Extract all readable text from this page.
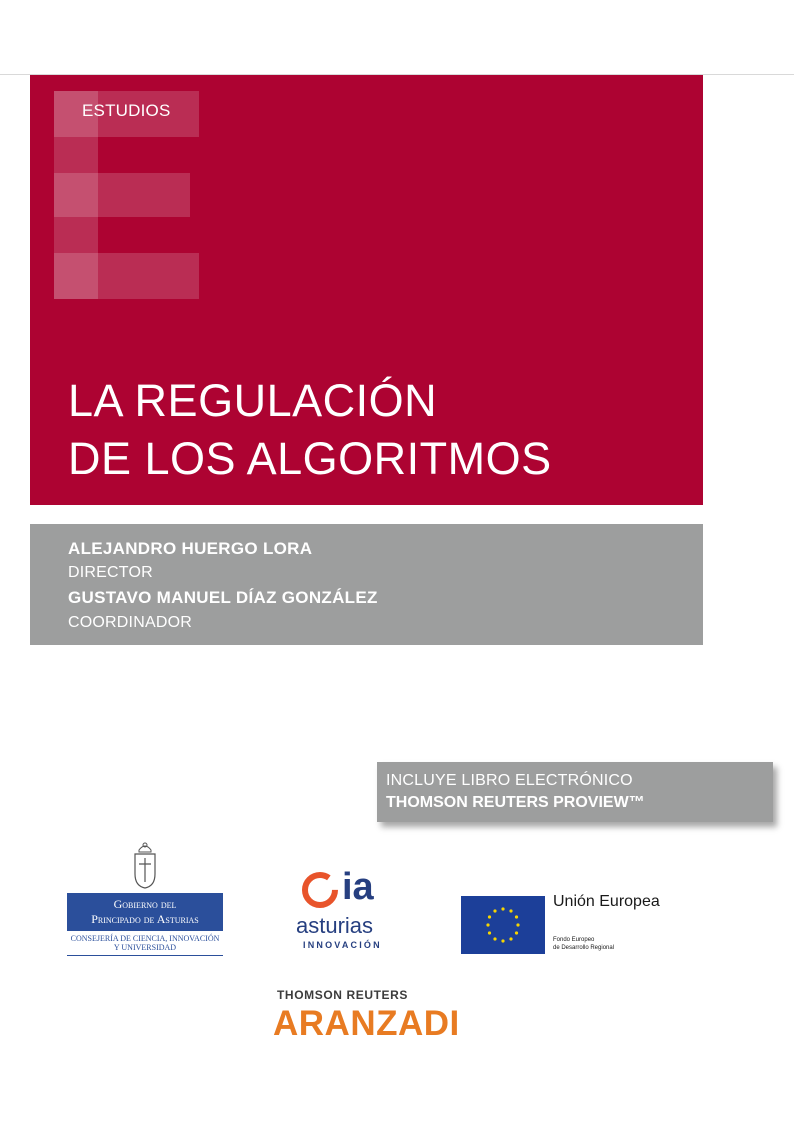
ESTUDIOS
LA REGULACIÓN
DE LOS ALGORITMOS
ALEJANDRO HUERGO LORA
DIRECTOR
GUSTAVO MANUEL DÍAZ GONZÁLEZ
COORDINADOR
INCLUYE LIBRO ELECTRÓNICO
THOMSON REUTERS PROVIEW™
Gobierno del
Principado de Asturias
CONSEJERÍA DE CIENCIA, INNOVACIÓN
Y UNIVERSIDAD
ia
asturias
INNOVACIÓN
Unión Europea
Fondo Europeo
de Desarrollo Regional
THOMSON REUTERS
ARANZADI
